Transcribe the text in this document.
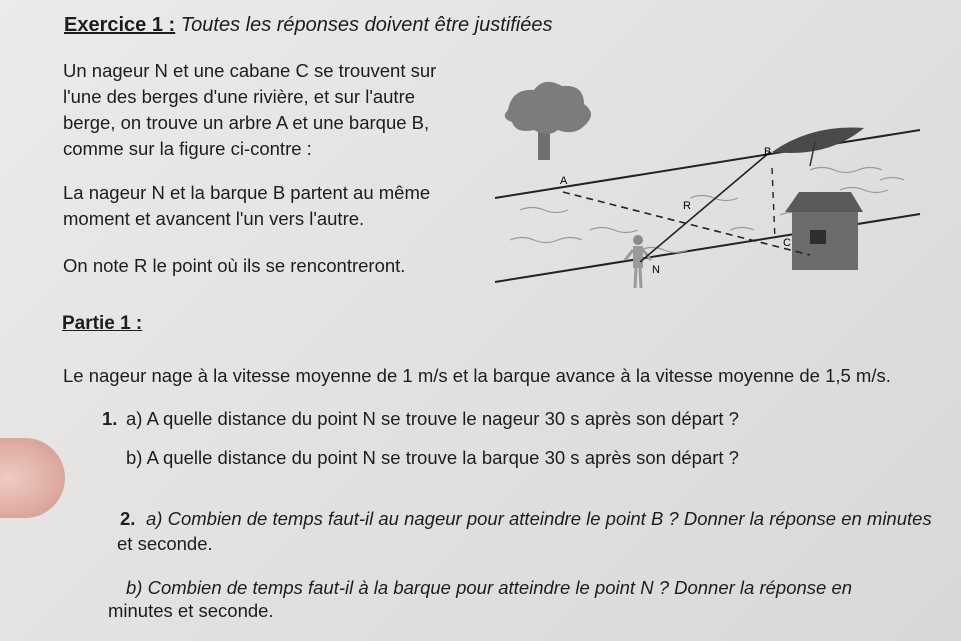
Exercice 1 : Toutes les réponses doivent être justifiées

Un nageur N et une cabane C se trouvent sur

l'une des berges d'une rivière, et sur l'autre

berge, on trouve un arbre A et une barque B,

comme sur la figure ci-contre :

La nageur N et la barque B partent au même

moment et avancent l'un vers l'autre.

On note R le point où ils se rencontreront.

A
B
R
C
N

Partie 1 :

Le nageur nage à la vitesse moyenne de 1 m/s et la barque avance à la vitesse moyenne de 1,5 m/s.

1. a) A quelle distance du point N se trouve le nageur 30 s après son départ ?

b) A quelle distance du point N se trouve la barque 30 s après son départ ?

2. a) Combien de temps faut-il au nageur pour atteindre le point B ? Donner la réponse en minutes

et seconde.

b) Combien de temps faut-il à la barque pour atteindre le point N ? Donner la réponse en

minutes et seconde.
